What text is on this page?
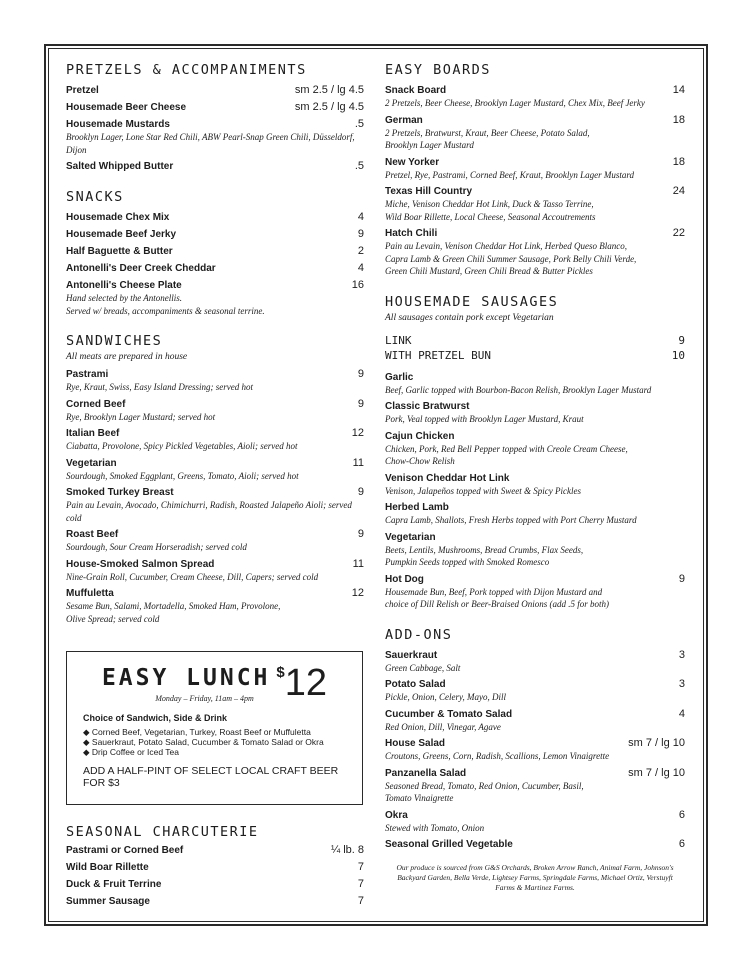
PRETZELS & ACCOMPANIMENTS
Pretzel	sm 2.5 / lg 4.5
Housemade Beer Cheese	sm 2.5 / lg 4.5
Housemade Mustards	.5
Brooklyn Lager, Lone Star Red Chili, ABW Pearl-Snap Green Chili, Düsseldorf, Dijon
Salted Whipped Butter	.5
SNACKS
Housemade Chex Mix	4
Housemade Beef Jerky	9
Half Baguette & Butter	2
Antonelli's Deer Creek Cheddar	4
Antonelli's Cheese Plate	16
Hand selected by the Antonellis.
Served w/ breads, accompaniments & seasonal terrine.
SANDWICHES
All meats are prepared in house
Pastrami	9
Rye, Kraut, Swiss, Easy Island Dressing; served hot
Corned Beef	9
Rye, Brooklyn Lager Mustard; served hot
Italian Beef	12
Ciabatta, Provolone, Spicy Pickled Vegetables, Aioli; served hot
Vegetarian	11
Sourdough, Smoked Eggplant, Greens, Tomato, Aioli; served hot
Smoked Turkey Breast	9
Pain au Levain, Avocado, Chimichurri, Radish, Roasted Jalapeño Aioli; served cold
Roast Beef	9
Sourdough, Sour Cream Horseradish; served cold
House-Smoked Salmon Spread	11
Nine-Grain Roll, Cucumber, Cream Cheese, Dill, Capers; served cold
Muffuletta	12
Sesame Bun, Salami, Mortadella, Smoked Ham, Provolone,
Olive Spread; served cold
EASY LUNCH $ 12
Monday – Friday, 11am – 4pm
Choice of Sandwich, Side & Drink
◆ Corned Beef, Vegetarian, Turkey, Roast Beef or Muffuletta
◆ Sauerkraut, Potato Salad, Cucumber & Tomato Salad or Okra
◆ Drip Coffee or Iced Tea
ADD A HALF-PINT OF SELECT LOCAL CRAFT BEER FOR $3
SEASONAL CHARCUTERIE
Pastrami or Corned Beef	¼ lb. 8
Wild Boar Rillette	7
Duck & Fruit Terrine	7
Summer Sausage	7
EASY BOARDS
Snack Board	14
2 Pretzels, Beer Cheese, Brooklyn Lager Mustard, Chex Mix, Beef Jerky
German	18
2 Pretzels, Bratwurst, Kraut, Beer Cheese, Potato Salad,
Brooklyn Lager Mustard
New Yorker	18
Pretzel, Rye, Pastrami, Corned Beef, Kraut, Brooklyn Lager Mustard
Texas Hill Country	24
Miche, Venison Cheddar Hot Link, Duck & Tasso Terrine,
Wild Boar Rillette, Local Cheese, Seasonal Accoutrements
Hatch Chili	22
Pain au Levain, Venison Cheddar Hot Link, Herbed Queso Blanco,
Capra Lamb & Green Chili Summer Sausage, Pork Belly Chili Verde,
Green Chili Mustard, Green Chili Bread & Butter Pickles
HOUSEMADE SAUSAGES
All sausages contain pork except Vegetarian
LINK	9
WITH PRETZEL BUN	10
Garlic
Beef, Garlic topped with Bourbon-Bacon Relish, Brooklyn Lager Mustard
Classic Bratwurst
Pork, Veal topped with Brooklyn Lager Mustard, Kraut
Cajun Chicken
Chicken, Pork, Red Bell Pepper topped with Creole Cream Cheese,
Chow-Chow Relish
Venison Cheddar Hot Link
Venison, Jalapeños topped with Sweet & Spicy Pickles
Herbed Lamb
Capra Lamb, Shallots, Fresh Herbs topped with Port Cherry Mustard
Vegetarian
Beets, Lentils, Mushrooms, Bread Crumbs, Flax Seeds,
Pumpkin Seeds topped with Smoked Romesco
Hot Dog	9
Housemade Bun, Beef, Pork topped with Dijon Mustard and
choice of Dill Relish or Beer-Braised Onions (add .5 for both)
ADD-ONS
Sauerkraut	3
Green Cabbage, Salt
Potato Salad	3
Pickle, Onion, Celery, Mayo, Dill
Cucumber & Tomato Salad	4
Red Onion, Dill, Vinegar, Agave
House Salad	sm 7 / lg 10
Croutons, Greens, Corn, Radish, Scallions, Lemon Vinaigrette
Panzanella Salad	sm 7 / lg 10
Seasoned Bread, Tomato, Red Onion, Cucumber, Basil,
Tomato Vinaigrette
Okra	6
Stewed with Tomato, Onion
Seasonal Grilled Vegetable	6
Our produce is sourced from G&S Orchards, Broken Arrow Ranch, Animal Farm, Johnson's Backyard Garden, Bella Verde, Lightsey Farms, Springdale Farms, Michael Ortiz, Verstuyft Farms & Martinez Farms.
